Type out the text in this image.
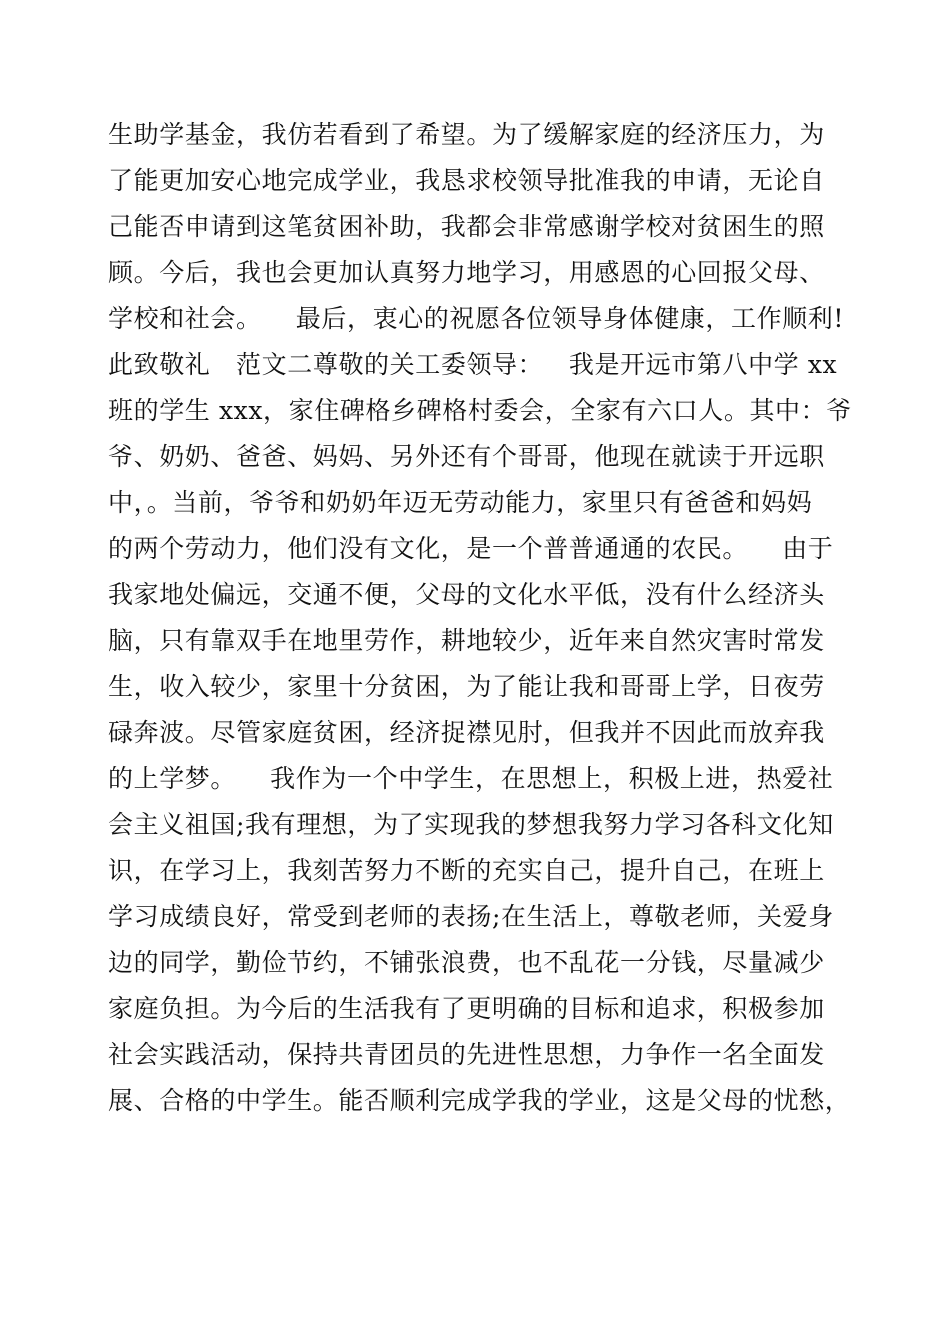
生助学基金，我仿若看到了希望。为了缓解家庭的经济压力，为
了能更加安心地完成学业，我恳求校领导批准我的申请，无论自
己能否申请到这笔贫困补助，我都会非常感谢学校对贫困生的照
顾。今后，我也会更加认真努力地学习，用感恩的心回报父母、
学校和社会。    最后，衷心的祝愿各位领导身体健康，工作顺利!
此致敬礼   范文二尊敬的关工委领导：   我是开远市第八中学 xx
班的学生 xxx，家住碑格乡碑格村委会，全家有六口人。其中：爷
爷、奶奶、爸爸、妈妈、另外还有个哥哥，他现在就读于开远职
中，。当前，爷爷和奶奶年迈无劳动能力，家里只有爸爸和妈妈
的两个劳动力，他们没有文化，是一个普普通通的农民。    由于
我家地处偏远，交通不便，父母的文化水平低，没有什么经济头
脑，只有靠双手在地里劳作，耕地较少，近年来自然灾害时常发
生，收入较少，家里十分贫困，为了能让我和哥哥上学，日夜劳
碌奔波。尽管家庭贫困，经济捉襟见肘，但我并不因此而放弃我
的上学梦。    我作为一个中学生，在思想上，积极上进，热爱社
会主义祖国;我有理想，为了实现我的梦想我努力学习各科文化知
识，在学习上，我刻苦努力不断的充实自己，提升自己，在班上
学习成绩良好，常受到老师的表扬;在生活上，尊敬老师，关爱身
边的同学，勤俭节约，不铺张浪费，也不乱花一分钱，尽量减少
家庭负担。为今后的生活我有了更明确的目标和追求，积极参加
社会实践活动，保持共青团员的先进性思想，力争作一名全面发
展、合格的中学生。能否顺利完成学我的学业，这是父母的忧愁，
